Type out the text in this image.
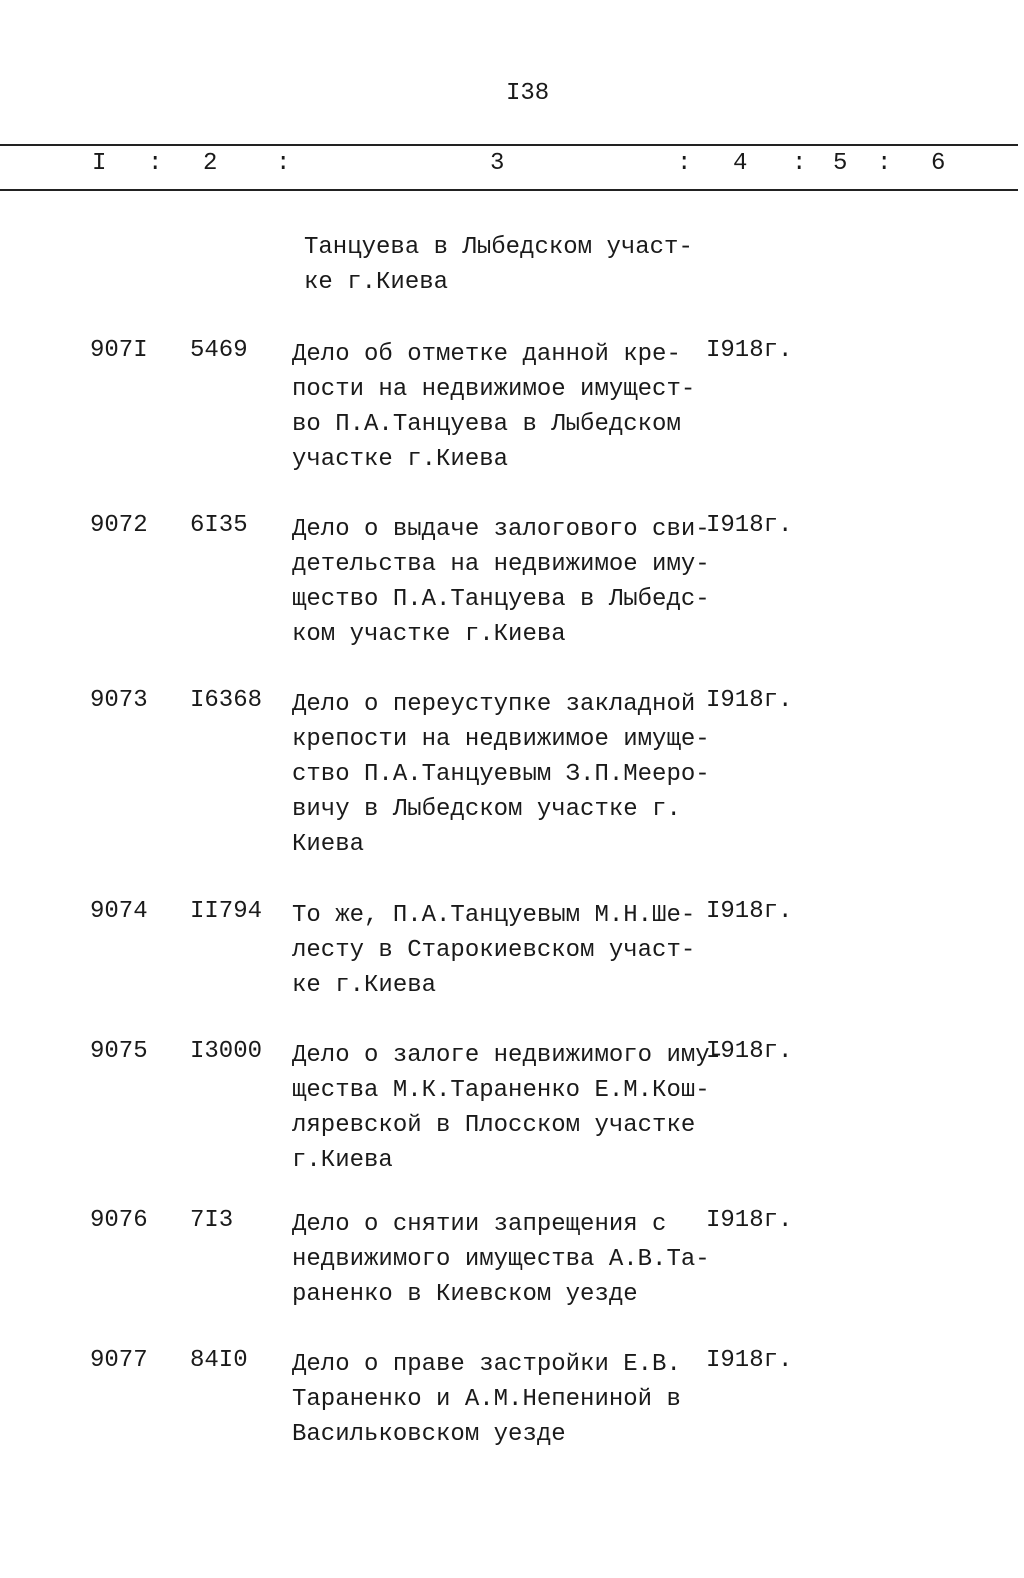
I38
I : 2 :	3	: 4 : 5 : 6
Танцуева в Лыбедском участ-
ке г.Киева
907I 5469 Дело об отметке данной кре-
пости на недвижимое имущест-
во П.А.Танцуева в Лыбедском
участке г.Киева
I918г.
9072 6I35 Дело о выдаче залогового сви-
детельства на недвижимое иму-
щество П.А.Танцуева в Лыбедс-
ком участке г.Киева
I918г.
9073 I6368 Дело о переуступке закладной
крепости на недвижимое имуще-
ство П.А.Танцуевым З.П.Мееро-
вичу в Лыбедском участке г.
Киева
I918г.
9074 II794 То же, П.А.Танцуевым М.Н.Ше-
лесту в Старокиевском участ-
ке г.Киева
I918г.
9075 I3000 Дело о залоге недвижимого иму-
щества М.К.Тараненко Е.М.Кош-
ляревской в Плосском участке
г.Киева
I918г.
9076 7I3 Дело о снятии запрещения с
недвижимого имущества А.В.Та-
раненко в Киевском уезде
I918г.
9077 84I0 Дело о праве застройки Е.В.
Тараненко и А.М.Непениной в
Васильковском уезде
I918г.
